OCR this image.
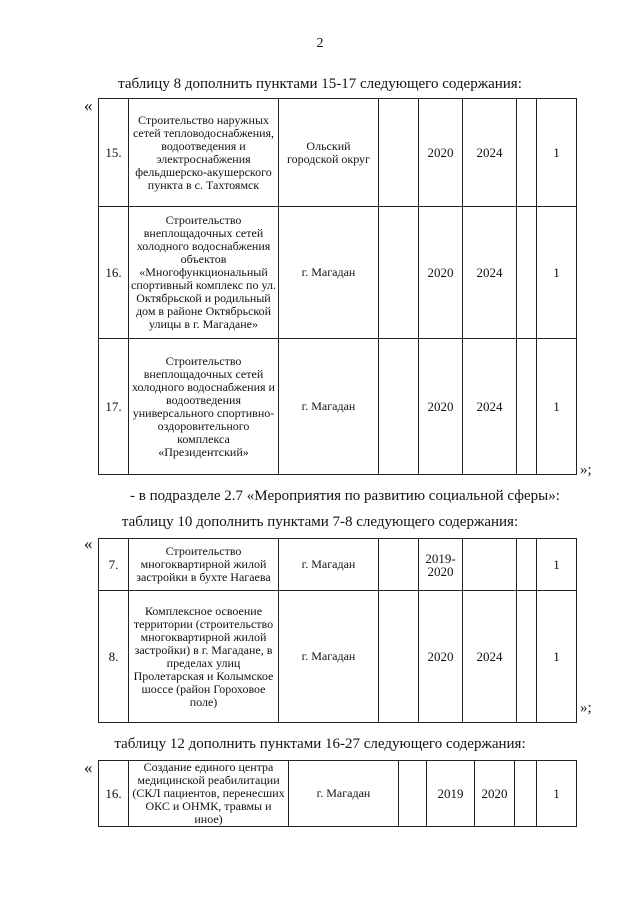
2
таблицу 8 дополнить пунктами 15-17 следующего содержания:
«
15.	Строительство наружных сетей тепловодоснабжения, водоотведения и электроснабжения фельдшерско-акушерского пункта в с. Тахтоямск	Ольский городской округ		2020	2024		1
16.	Строительство внеплощадочных сетей холодного водоснабжения объектов «Многофункциональный спортивный комплекс по ул. Октябрьской и родильный дом в районе Октябрьской улицы в г. Магадане»	г. Магадан		2020	2024		1
17.	Строительство внеплощадочных сетей холодного водоснабжения и водоотведения универсального спортивно-оздоровительного комплекса «Президентский»	г. Магадан		2020	2024		1
»;
- в подразделе 2.7 «Мероприятия по развитию социальной сферы»:
таблицу 10 дополнить пунктами 7-8 следующего содержания:
«
7.	Строительство многоквартирной жилой застройки в бухте Нагаева	г. Магадан		2019-2020			1
8.	Комплексное освоение территории (строительство многоквартирной жилой застройки) в г. Магадане, в пределах улиц Пролетарская и Колымское шоссе (район Гороховое поле)	г. Магадан		2020	2024		1
»;
таблицу 12 дополнить пунктами 16-27 следующего содержания:
«
16.	Создание единого центра медицинской реабилитации (СКЛ пациентов, перенесших ОКС и ОНМК, травмы и иное)	г. Магадан		2019	2020		1
